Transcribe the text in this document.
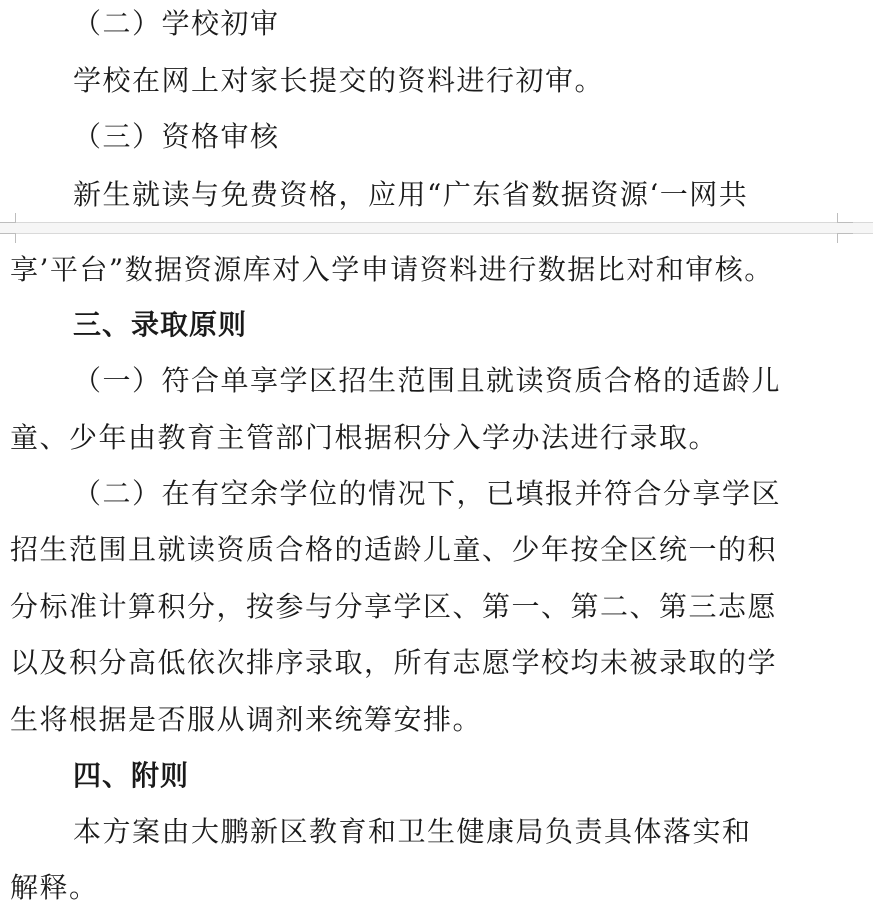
（二）学校初审
学校在网上对家长提交的资料进行初审。
（三）资格审核
新生就读与免费资格，应用“广东省数据资源‘一网共
享’平台”数据资源库对入学申请资料进行数据比对和审核。
三、录取原则
（一）符合单享学区招生范围且就读资质合格的适龄儿
童、少年由教育主管部门根据积分入学办法进行录取。
（二）在有空余学位的情况下，已填报并符合分享学区
招生范围且就读资质合格的适龄儿童、少年按全区统一的积
分标准计算积分，按参与分享学区、第一、第二、第三志愿
以及积分高低依次排序录取，所有志愿学校均未被录取的学
生将根据是否服从调剂来统筹安排。
四、附则
本方案由大鹏新区教育和卫生健康局负责具体落实和
解释。
